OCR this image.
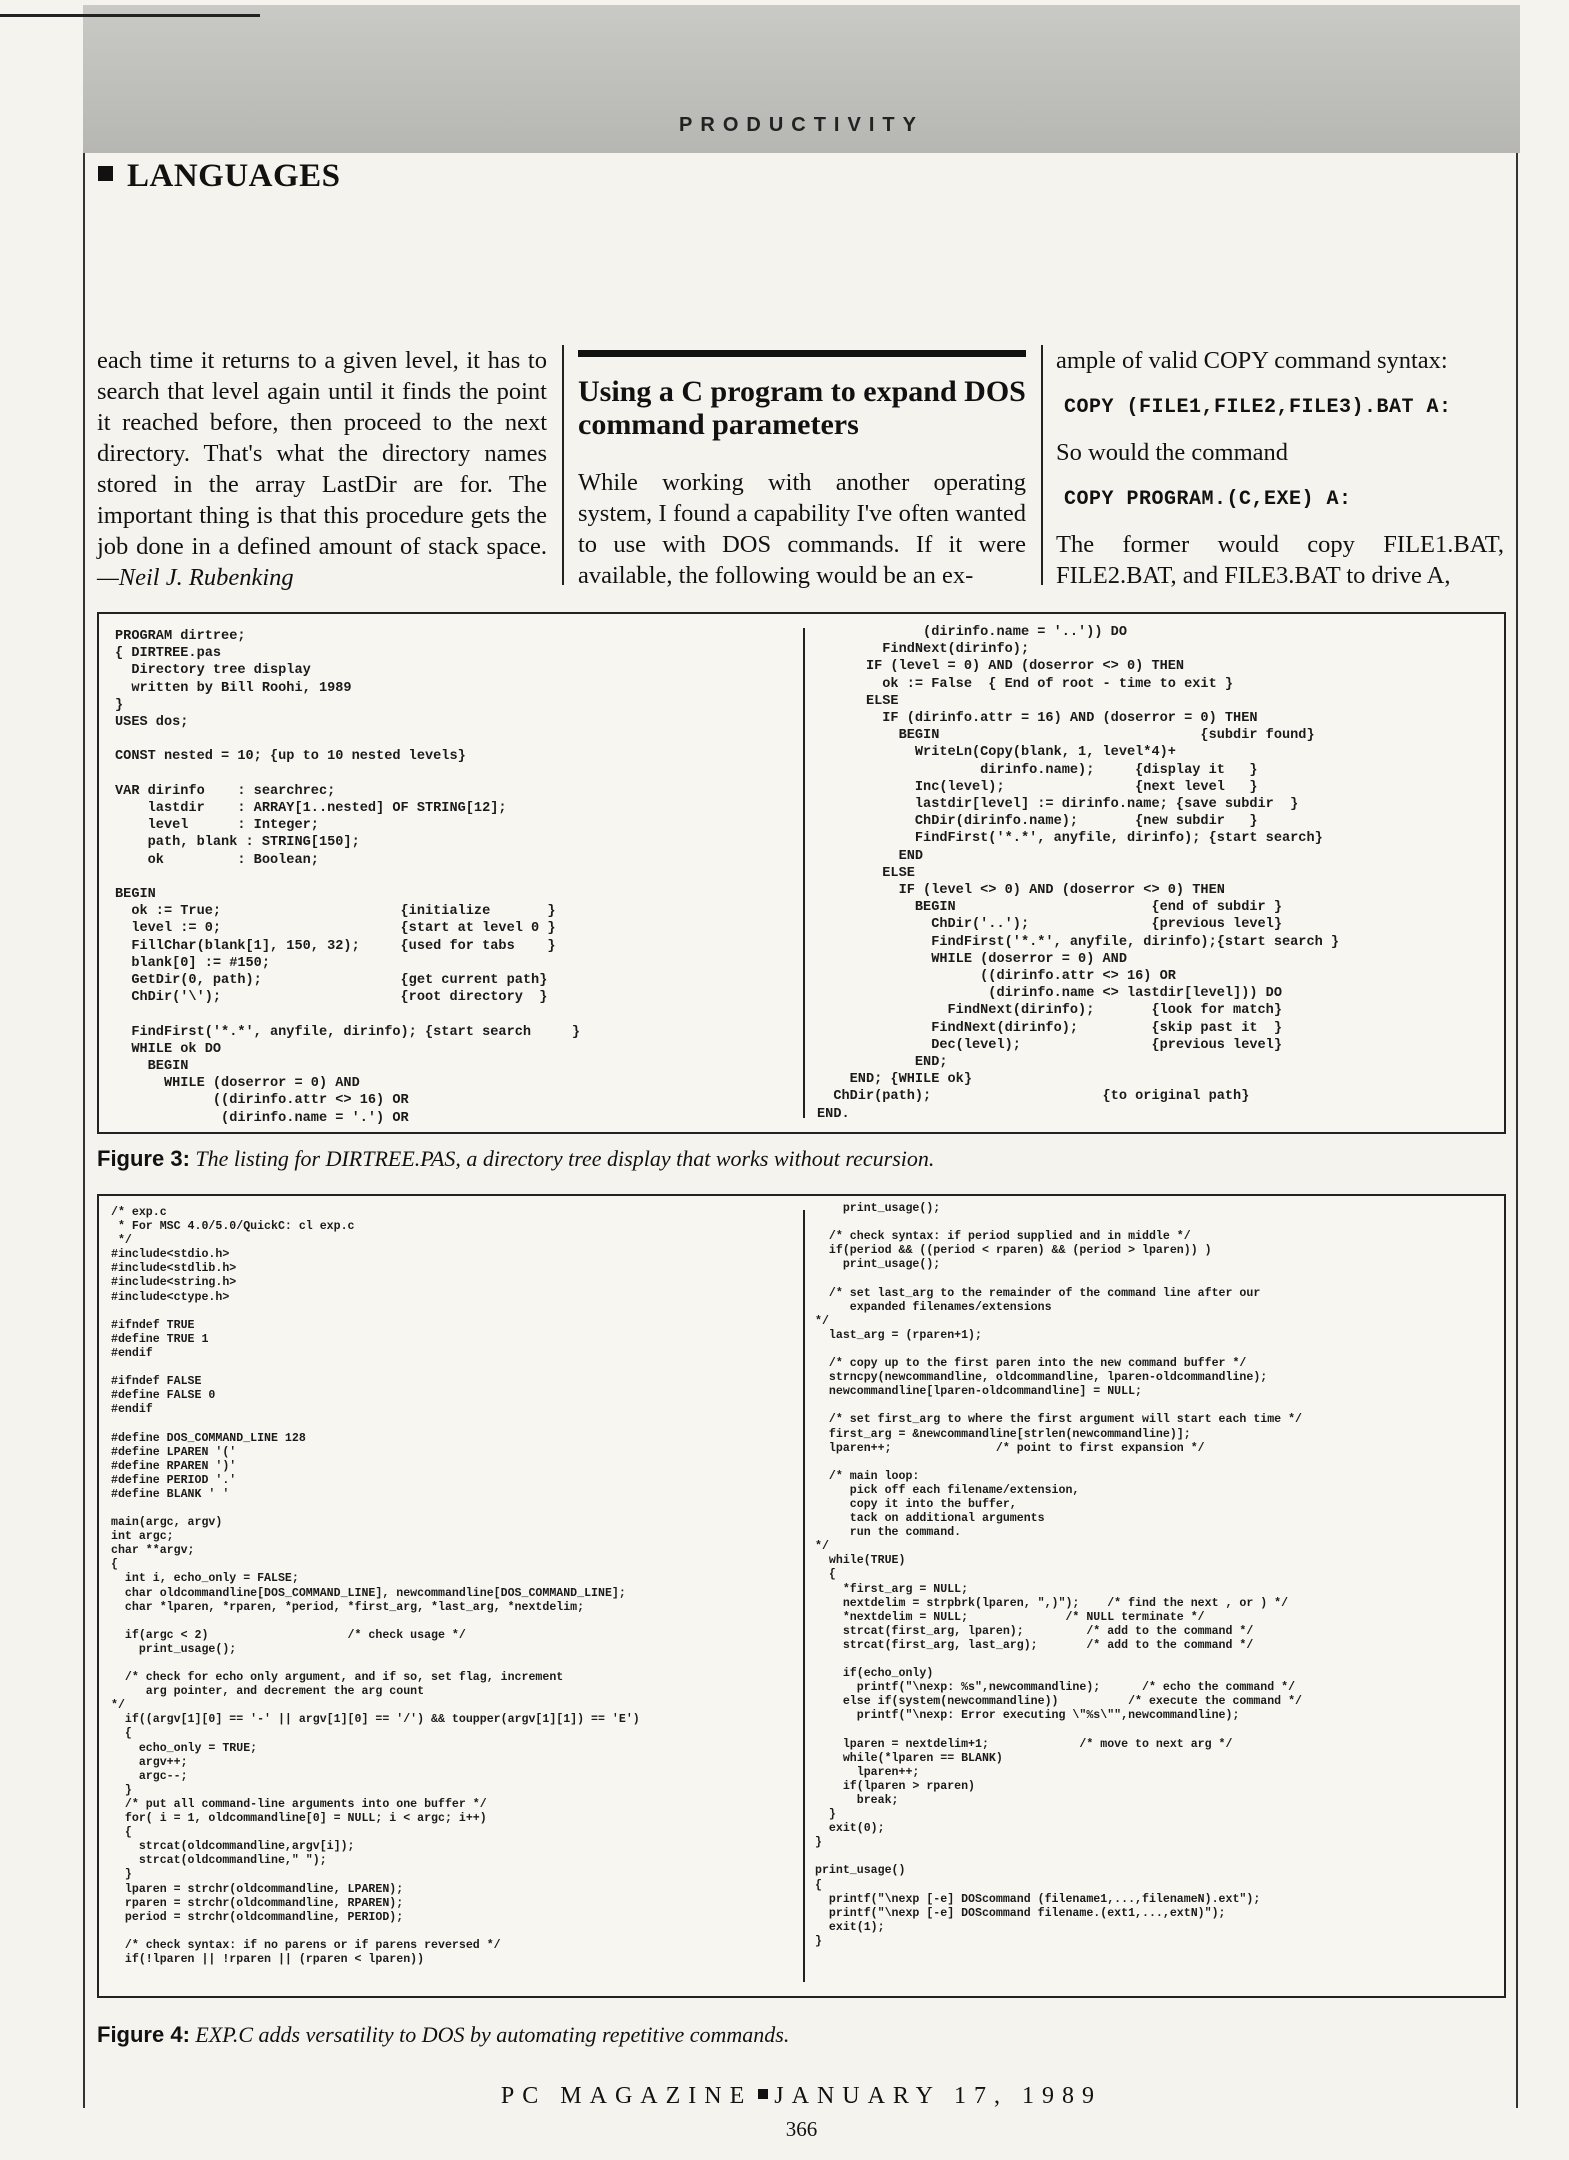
PRODUCTIVITY
LANGUAGES

each time it returns to a given level, it has to search that level again until it finds the point it reached before, then proceed to the next directory. That's what the directory names stored in the array LastDir are for. The important thing is that this procedure gets the job done in a defined amount of stack space.—Neil J. Rubenking

Using a C program to expand DOS command parameters

While working with another operating system, I found a capability I've often wanted to use with DOS commands. If it were available, the following would be an ex-

ample of valid COPY command syntax:

COPY (FILE1,FILE2,FILE3).BAT A:

So would the command

COPY PROGRAM.(C,EXE) A:

The former would copy FILE1.BAT, FILE2.BAT, and FILE3.BAT to drive A,

PROGRAM dirtree;
{ DIRTREE.pas
Directory tree display
written by Bill Roohi, 1989
}
USES dos;

CONST nested = 10; {up to 10 nested levels}

VAR dirinfo    : searchrec;
lastdir    : ARRAY[1..nested] OF STRING[12];
level      : Integer;
path, blank : STRING[150];
ok         : Boolean;

BEGIN
ok := True;                      {initialize       }
level := 0;                      {start at level 0 }
FillChar(blank[1], 150, 32);     {used for tabs    }
blank[0] := #150;
GetDir(0, path);                 {get current path}
ChDir('\');                      {root directory  }

FindFirst('*.*', anyfile, dirinfo); {start search     }
WHILE ok DO
BEGIN
WHILE (doserror = 0) AND
((dirinfo.attr <> 16) OR
(dirinfo.name = '.') OR
(dirinfo.name = '..')) DO
FindNext(dirinfo);
IF (level = 0) AND (doserror <> 0) THEN
ok := False  { End of root - time to exit }
ELSE
IF (dirinfo.attr = 16) AND (doserror = 0) THEN
BEGIN                                {subdir found}
WriteLn(Copy(blank, 1, level*4)+
dirinfo.name);     {display it   }
Inc(level);                {next level   }
lastdir[level] := dirinfo.name; {save subdir  }
ChDir(dirinfo.name);       {new subdir   }
FindFirst('*.*', anyfile, dirinfo); {start search}
END
ELSE
IF (level <> 0) AND (doserror <> 0) THEN
BEGIN                        {end of subdir }
ChDir('..');               {previous level}
FindFirst('*.*', anyfile, dirinfo);{start search }
WHILE (doserror = 0) AND
((dirinfo.attr <> 16) OR
(dirinfo.name <> lastdir[level])) DO
FindNext(dirinfo);       {look for match}
FindNext(dirinfo);         {skip past it  }
Dec(level);                {previous level}
END;
END; {WHILE ok}
ChDir(path);                     {to original path}
END.
Figure 3: The listing for DIRTREE.PAS, a directory tree display that works without recursion.
/* exp.c
* For MSC 4.0/5.0/QuickC: cl exp.c
*/
#include<stdio.h>
#include<stdlib.h>
#include<string.h>
#include<ctype.h>

#ifndef TRUE
#define TRUE 1
#endif

#ifndef FALSE
#define FALSE 0
#endif

#define DOS_COMMAND_LINE 128
#define LPAREN '('
#define RPAREN ')'
#define PERIOD '.'
#define BLANK ' '

main(argc, argv)
int argc;
char **argv;
{
int i, echo_only = FALSE;
char oldcommandline[DOS_COMMAND_LINE], newcommandline[DOS_COMMAND_LINE];
char *lparen, *rparen, *period, *first_arg, *last_arg, *nextdelim;

if(argc < 2)                    /* check usage */
print_usage();

/* check for echo only argument, and if so, set flag, increment
arg pointer, and decrement the arg count
*/
if((argv[1][0] == '-' || argv[1][0] == '/') && toupper(argv[1][1]) == 'E')
{
echo_only = TRUE;
argv++;
argc--;
}
/* put all command-line arguments into one buffer */
for( i = 1, oldcommandline[0] = NULL; i < argc; i++)
{
strcat(oldcommandline,argv[i]);
strcat(oldcommandline," ");
}
lparen = strchr(oldcommandline, LPAREN);
rparen = strchr(oldcommandline, RPAREN);
period = strchr(oldcommandline, PERIOD);

/* check syntax: if no parens or if parens reversed */
if(!lparen || !rparen || (rparen < lparen))
print_usage();

/* check syntax: if period supplied and in middle */
if(period && ((period < rparen) && (period > lparen)) )
print_usage();

/* set last_arg to the remainder of the command line after our
expanded filenames/extensions
*/
last_arg = (rparen+1);

/* copy up to the first paren into the new command buffer */
strncpy(newcommandline, oldcommandline, lparen-oldcommandline);
newcommandline[lparen-oldcommandline] = NULL;

/* set first_arg to where the first argument will start each time */
first_arg = &newcommandline[strlen(newcommandline)];
lparen++;               /* point to first expansion */

/* main loop:
pick off each filename/extension,
copy it into the buffer,
tack on additional arguments
run the command.
*/
while(TRUE)
{
*first_arg = NULL;
nextdelim = strpbrk(lparen, ",)");    /* find the next , or ) */
*nextdelim = NULL;              /* NULL terminate */
strcat(first_arg, lparen);         /* add to the command */
strcat(first_arg, last_arg);       /* add to the command */

if(echo_only)
printf("\nexp: %s",newcommandline);      /* echo the command */
else if(system(newcommandline))          /* execute the command */
printf("\nexp: Error executing \"%s\"",newcommandline);

lparen = nextdelim+1;             /* move to next arg */
while(*lparen == BLANK)
lparen++;
if(lparen > rparen)
break;
}
exit(0);
}

print_usage()
{
printf("\nexp [-e] DOScommand (filename1,...,filenameN).ext");
printf("\nexp [-e] DOScommand filename.(ext1,...,extN)");
exit(1);
}
Figure 4: EXP.C adds versatility to DOS by automating repetitive commands.
PC MAGAZINE JANUARY 17, 1989
366
